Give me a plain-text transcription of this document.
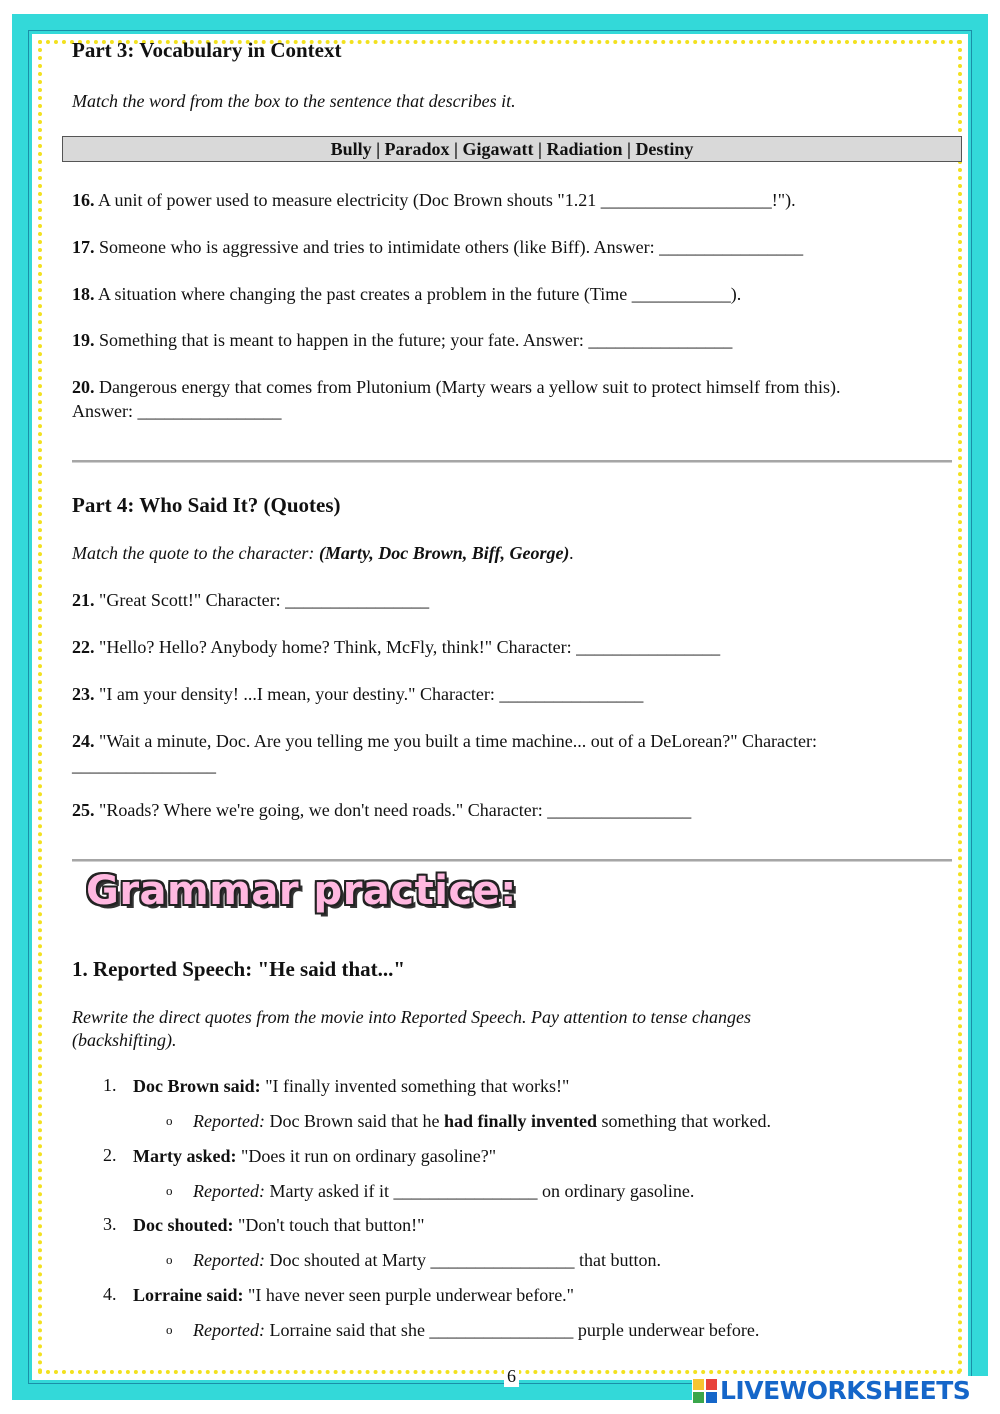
Part 3: Vocabulary in Context
Match the word from the box to the sentence that describes it.
Bully | Paradox | Gigawatt | Radiation | Destiny
16. A unit of power used to measure electricity (Doc Brown shouts "1.21 ___________________!").
17. Someone who is aggressive and tries to intimidate others (like Biff). Answer: ________________
18. A situation where changing the past creates a problem in the future (Time ___________).
19. Something that is meant to happen in the future; your fate. Answer: ________________
20. Dangerous energy that comes from Plutonium (Marty wears a yellow suit to protect himself from this).
Answer: ________________
Part 4: Who Said It? (Quotes)
Match the quote to the character: (Marty, Doc Brown, Biff, George).
21. "Great Scott!" Character: ________________
22. "Hello? Hello? Anybody home? Think, McFly, think!" Character: ________________
23. "I am your density! ...I mean, your destiny." Character: ________________
24. "Wait a minute, Doc. Are you telling me you built a time machine... out of a DeLorean?" Character:
________________
25. "Roads? Where we're going, we don't need roads." Character: ________________
Grammar practice:
1. Reported Speech: "He said that..."
Rewrite the direct quotes from the movie into Reported Speech. Pay attention to tense changes
(backshifting).
1. Doc Brown said: "I finally invented something that works!"
o Reported: Doc Brown said that he had finally invented something that worked.
2. Marty asked: "Does it run on ordinary gasoline?"
o Reported: Marty asked if it ________________ on ordinary gasoline.
3. Doc shouted: "Don't touch that button!"
o Reported: Doc shouted at Marty ________________ that button.
4. Lorraine said: "I have never seen purple underwear before."
o Reported: Lorraine said that she ________________ purple underwear before.
6	LIVEWORKSHEETS
